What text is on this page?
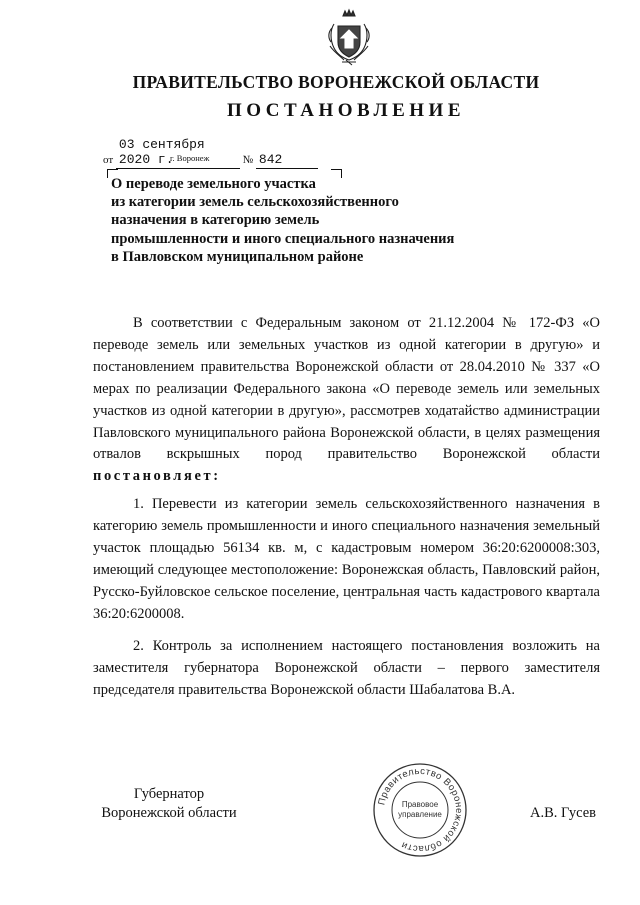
ПРАВИТЕЛЬСТВО ВОРОНЕЖСКОЙ ОБЛАСТИ
ПОСТАНОВЛЕНИЕ
от 03 сентября 2020 г.	№ 842
г. Воронеж
О переводе земельного участка
из категории земель сельскохозяйственного
назначения в категорию земель
промышленности и иного специального назначения
в Павловском муниципальном районе

В соответствии с Федеральным законом от 21.12.2004 № 172-ФЗ «О переводе земель или земельных участков из одной категории в другую» и постановлением правительства Воронежской области от 28.04.2010 № 337 «О мерах по реализации Федерального закона «О переводе земель или земельных участков из одной категории в другую», рассмотрев ходатайство администрации Павловского муниципального района Воронежской области, в целях размещения отвалов вскрышных пород правительство Воронежской области постановляет:

1. Перевести из категории земель сельскохозяйственного назначения в категорию земель промышленности и иного специального назначения земельный участок площадью 56134 кв. м, с кадастровым номером 36:20:6200008:303, имеющий следующее местоположение: Воронежская область, Павловский район, Русско-Буйловское сельское поселение, центральная часть кадастрового квартала 36:20:6200008.

2. Контроль за исполнением настоящего постановления возложить на заместителя губернатора Воронежской области – первого заместителя председателя правительства Воронежской области Шабалатова В.А.

Губернатор
Воронежской области
Правительство Воронежской области
Правовое
управление	А.В. Гусев
